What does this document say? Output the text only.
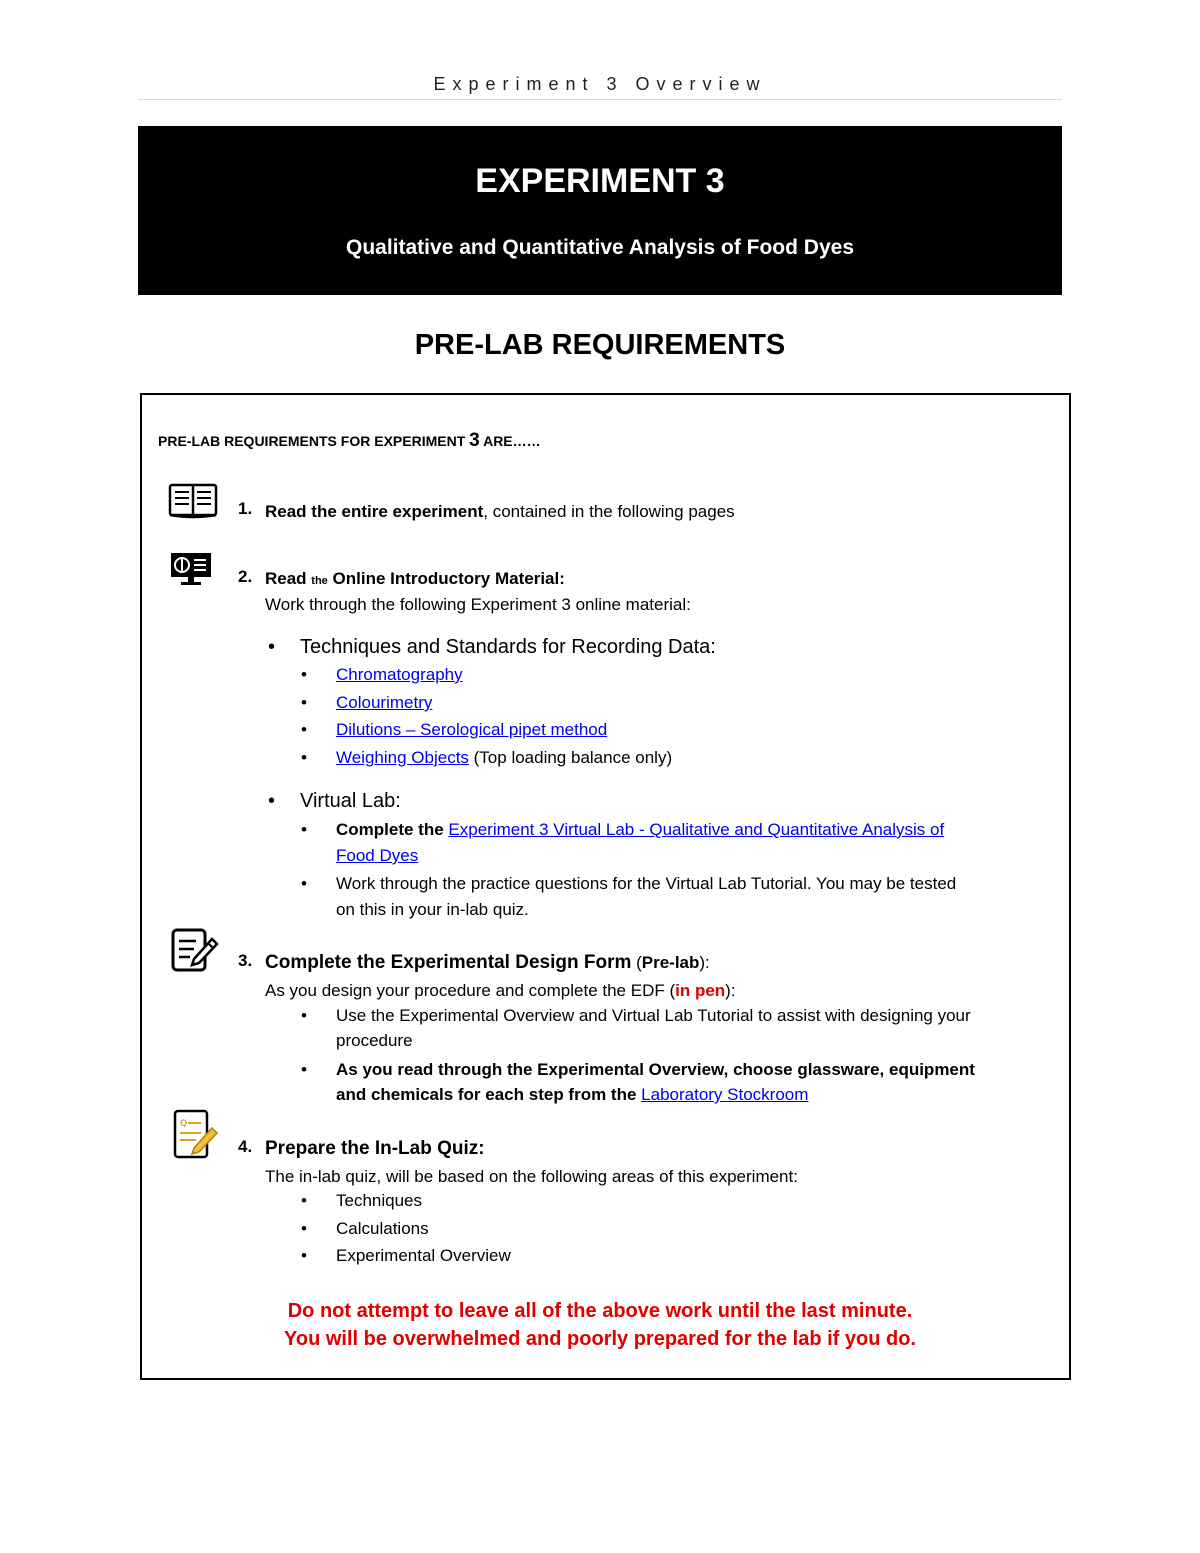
Experiment 3 Overview
EXPERIMENT 3
Qualitative and Quantitative Analysis of Food Dyes
PRE-LAB REQUIREMENTS
PRE-LAB REQUIREMENTS FOR EXPERIMENT 3 ARE……
1. Read the entire experiment, contained in the following pages
2. Read the Online Introductory Material:
Work through the following Experiment 3 online material:
• Techniques and Standards for Recording Data:
• Chromatography
• Colourimetry
• Dilutions – Serological pipet method
• Weighing Objects (Top loading balance only)
• Virtual Lab:
• Complete the Experiment 3 Virtual Lab - Qualitative and Quantitative Analysis of
Food Dyes
• Work through the practice questions for the Virtual Lab Tutorial. You may be tested
on this in your in-lab quiz.
3. Complete the Experimental Design Form (Pre-lab):
As you design your procedure and complete the EDF (in pen):
• Use the Experimental Overview and Virtual Lab Tutorial to assist with designing your
procedure
• As you read through the Experimental Overview, choose glassware, equipment
and chemicals for each step from the Laboratory Stockroom
Q
4. Prepare the In-Lab Quiz:
The in-lab quiz, will be based on the following areas of this experiment:
• Techniques
• Calculations
• Experimental Overview
Do not attempt to leave all of the above work until the last minute.
You will be overwhelmed and poorly prepared for the lab if you do.
